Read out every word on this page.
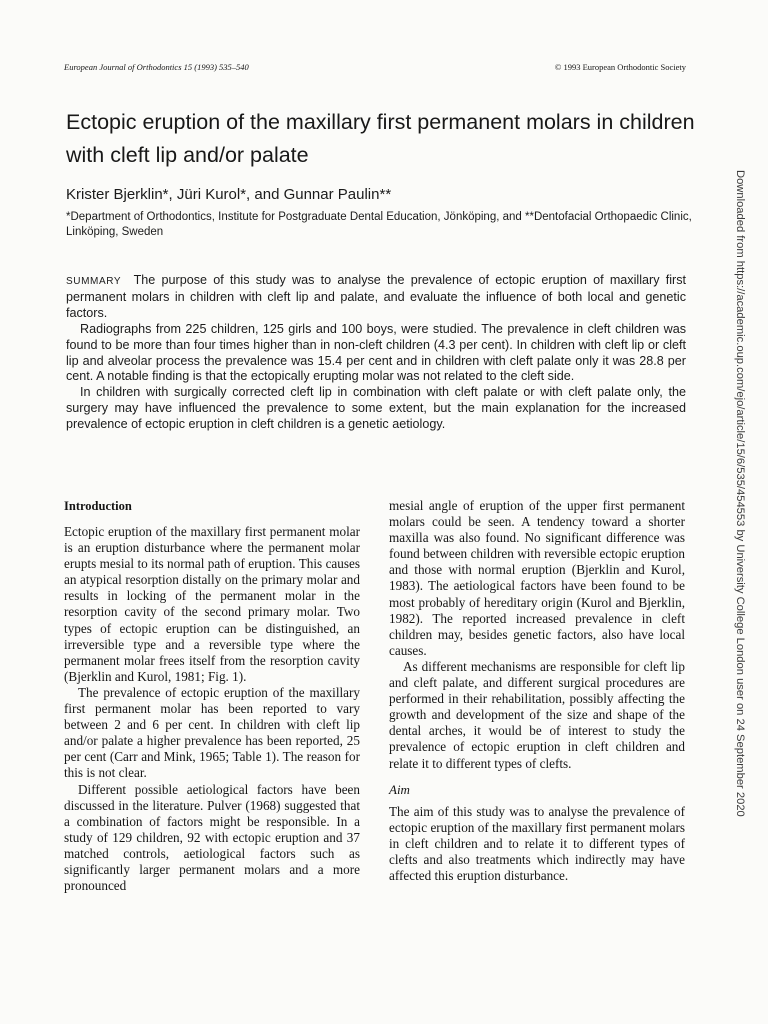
European Journal of Orthodontics 15 (1993) 535–540	© 1993 European Orthodontic Society
Ectopic eruption of the maxillary first permanent molars in children with cleft lip and/or palate
Krister Bjerklin*, Jüri Kurol*, and Gunnar Paulin**
*Department of Orthodontics, Institute for Postgraduate Dental Education, Jönköping, and **Dentofacial Orthopaedic Clinic, Linköping, Sweden

SUMMARY The purpose of this study was to analyse the prevalence of ectopic eruption of maxillary first permanent molars in children with cleft lip and palate, and evaluate the influence of both local and genetic factors.

Radiographs from 225 children, 125 girls and 100 boys, were studied. The prevalence in cleft children was found to be more than four times higher than in non-cleft children (4.3 per cent). In children with cleft lip or cleft lip and alveolar process the prevalence was 15.4 per cent and in children with cleft palate only it was 28.8 per cent. A notable finding is that the ectopically erupting molar was not related to the cleft side.

In children with surgically corrected cleft lip in combination with cleft palate or with cleft palate only, the surgery may have influenced the prevalence to some extent, but the main explanation for the increased prevalence of ectopic eruption in cleft children is a genetic aetiology.

Introduction

Ectopic eruption of the maxillary first permanent molar is an eruption disturbance where the permanent molar erupts mesial to its normal path of eruption. This causes an atypical resorption distally on the primary molar and results in locking of the permanent molar in the resorption cavity of the second primary molar. Two types of ectopic eruption can be distinguished, an irreversible type and a reversible type where the permanent molar frees itself from the resorption cavity (Bjerklin and Kurol, 1981; Fig. 1).

The prevalence of ectopic eruption of the maxillary first permanent molar has been reported to vary between 2 and 6 per cent. In children with cleft lip and/or palate a higher prevalence has been reported, 25 per cent (Carr and Mink, 1965; Table 1). The reason for this is not clear.

Different possible aetiological factors have been discussed in the literature. Pulver (1968) suggested that a combination of factors might be responsible. In a study of 129 children, 92 with ectopic eruption and 37 matched controls, aetiological factors such as significantly larger permanent molars and a more pronounced

mesial angle of eruption of the upper first permanent molars could be seen. A tendency toward a shorter maxilla was also found. No significant difference was found between children with reversible ectopic eruption and those with normal eruption (Bjerklin and Kurol, 1983). The aetiological factors have been found to be most probably of hereditary origin (Kurol and Bjerklin, 1982). The reported increased prevalence in cleft children may, besides genetic factors, also have local causes.

As different mechanisms are responsible for cleft lip and cleft palate, and different surgical procedures are performed in their rehabilitation, possibly affecting the growth and development of the size and shape of the dental arches, it would be of interest to study the prevalence of ectopic eruption in cleft children and relate it to different types of clefts.

Aim

The aim of this study was to analyse the prevalence of ectopic eruption of the maxillary first permanent molars in cleft children and to relate it to different types of clefts and also treatments which indirectly may have affected this eruption disturbance.

Downloaded from https://academic.oup.com/ejo/article/15/6/535/454553 by University College London user on 24 September 2020
